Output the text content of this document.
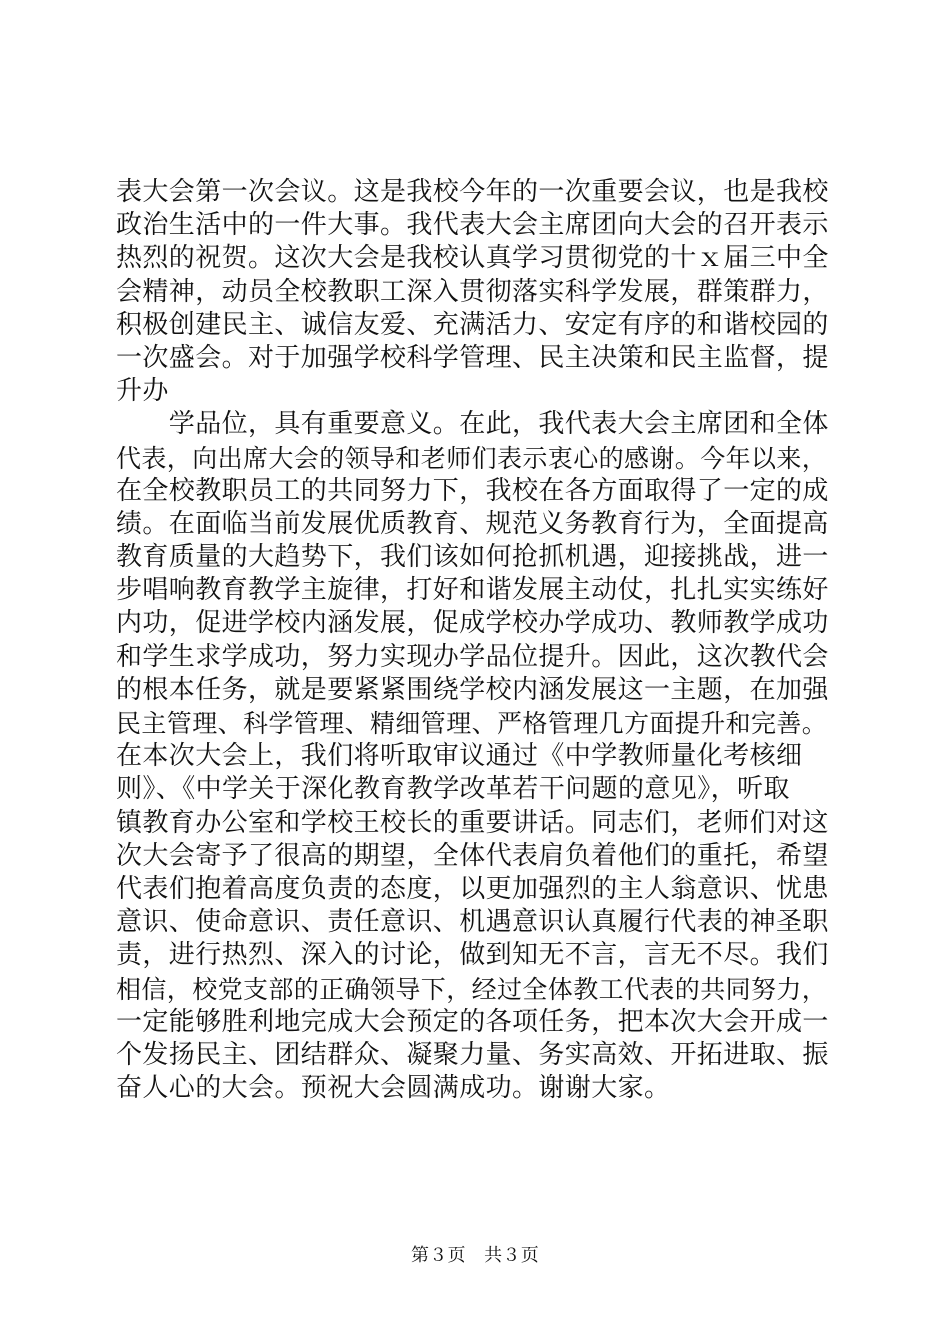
表大会第一次会议。这是我校今年的一次重要会议，也是我校
政治生活中的一件大事。我代表大会主席团向大会的召开表示
热烈的祝贺。这次大会是我校认真学习贯彻党的十ｘ届三中全
会精神，动员全校教职工深入贯彻落实科学发展，群策群力，
积极创建民主、诚信友爱、充满活力、安定有序的和谐校园的
一次盛会。对于加强学校科学管理、民主决策和民主监督，提
升办
　　学品位，具有重要意义。在此，我代表大会主席团和全体
代表，向出席大会的领导和老师们表示衷心的感谢。今年以来，
在全校教职员工的共同努力下，我校在各方面取得了一定的成
绩。在面临当前发展优质教育、规范义务教育行为，全面提高
教育质量的大趋势下，我们该如何抢抓机遇，迎接挑战，进一
步唱响教育教学主旋律，打好和谐发展主动仗，扎扎实实练好
内功，促进学校内涵发展，促成学校办学成功、教师教学成功
和学生求学成功，努力实现办学品位提升。因此，这次教代会
的根本任务，就是要紧紧围绕学校内涵发展这一主题，在加强
民主管理、科学管理、精细管理、严格管理几方面提升和完善。
在本次大会上，我们将听取审议通过《中学教师量化考核细
则》、《中学关于深化教育教学改革若干问题的意见》，听取
镇教育办公室和学校王校长的重要讲话。同志们，老师们对这
次大会寄予了很高的期望，全体代表肩负着他们的重托，希望
代表们抱着高度负责的态度，以更加强烈的主人翁意识、忧患
意识、使命意识、责任意识、机遇意识认真履行代表的神圣职
责，进行热烈、深入的讨论，做到知无不言，言无不尽。我们
相信，校党支部的正确领导下，经过全体教工代表的共同努力，
一定能够胜利地完成大会预定的各项任务，把本次大会开成一
个发扬民主、团结群众、凝聚力量、务实高效、开拓进取、振
奋人心的大会。预祝大会圆满成功。谢谢大家。
第３页　共３页
